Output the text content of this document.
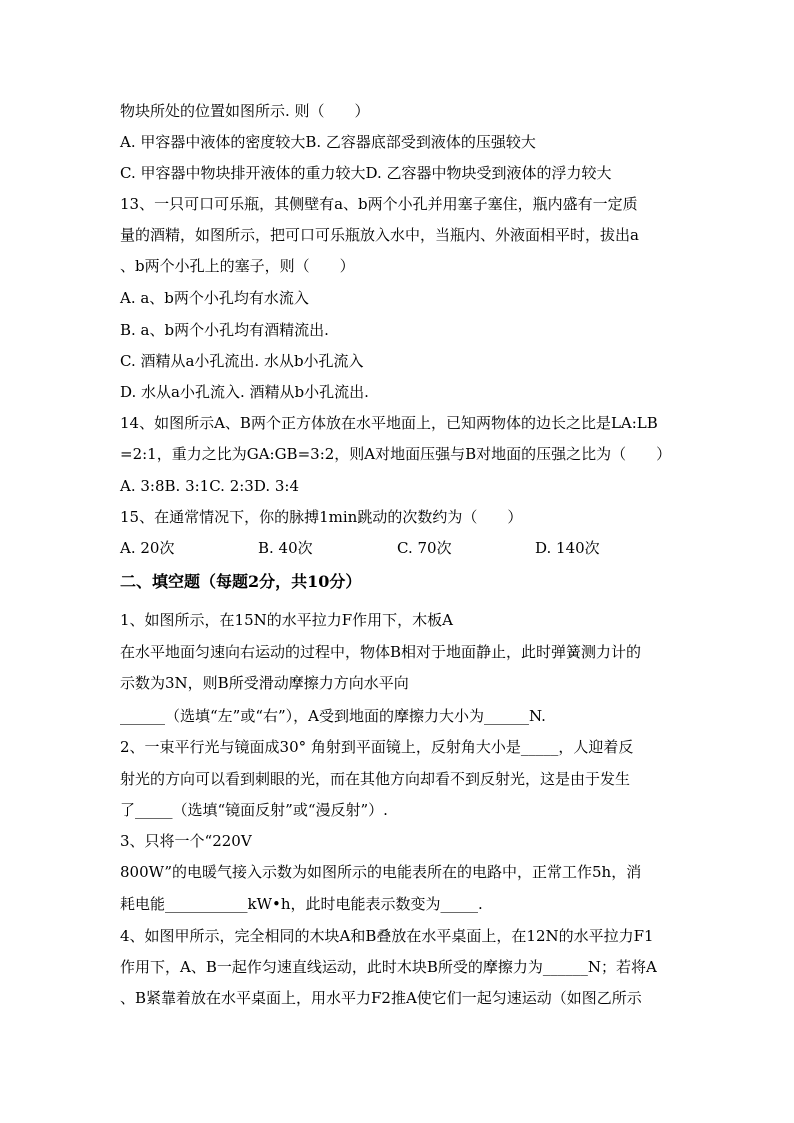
物块所处的位置如图所示. 则（　　）
A. 甲容器中液体的密度较大B. 乙容器底部受到液体的压强较大
C. 甲容器中物块排开液体的重力较大D. 乙容器中物块受到液体的浮力较大
13、一只可口可乐瓶，其侧壁有a、b两个小孔并用塞子塞住，瓶内盛有一定质
量的酒精，如图所示，把可口可乐瓶放入水中，当瓶内、外液面相平时，拔出a
、b两个小孔上的塞子，则（　　）
A. a、b两个小孔均有水流入
B. a、b两个小孔均有酒精流出.
C. 酒精从a小孔流出. 水从b小孔流入
D. 水从a小孔流入. 酒精从b小孔流出.
14、如图所示A、B两个正方体放在水平地面上，已知两物体的边长之比是LA:LB
=2:1，重力之比为GA:GB=3:2，则A对地面压强与B对地面的压强之比为（　　）
A. 3:8B. 3:1C. 2:3D. 3:4
15、在通常情况下，你的脉搏1min跳动的次数约为（　　）
A. 20次	B. 40次	C. 70次	D. 140次
二、填空题（每题2分，共10分）
1、如图所示，在15N的水平拉力F作用下，木板A
在水平地面匀速向右运动的过程中，物体B相对于地面静止，此时弹簧测力计的
示数为3N，则B所受滑动摩擦力方向水平向
______（选填“左”或“右”），A受到地面的摩擦力大小为______N.
2、一束平行光与镜面成30° 角射到平面镜上，反射角大小是_____，人迎着反
射光的方向可以看到刺眼的光，而在其他方向却看不到反射光，这是由于发生
了_____（选填“镜面反射”或“漫反射”）.
3、只将一个“220V
800W”的电暖气接入示数为如图所示的电能表所在的电路中，正常工作5h，消
耗电能___________kW•h，此时电能表示数变为_____.
4、如图甲所示，完全相同的木块A和B叠放在水平桌面上，在12N的水平拉力F1
作用下，A、B一起作匀速直线运动，此时木块B所受的摩擦力为______N；若将A
、B紧靠着放在水平桌面上，用水平力F2推A使它们一起匀速运动（如图乙所示
